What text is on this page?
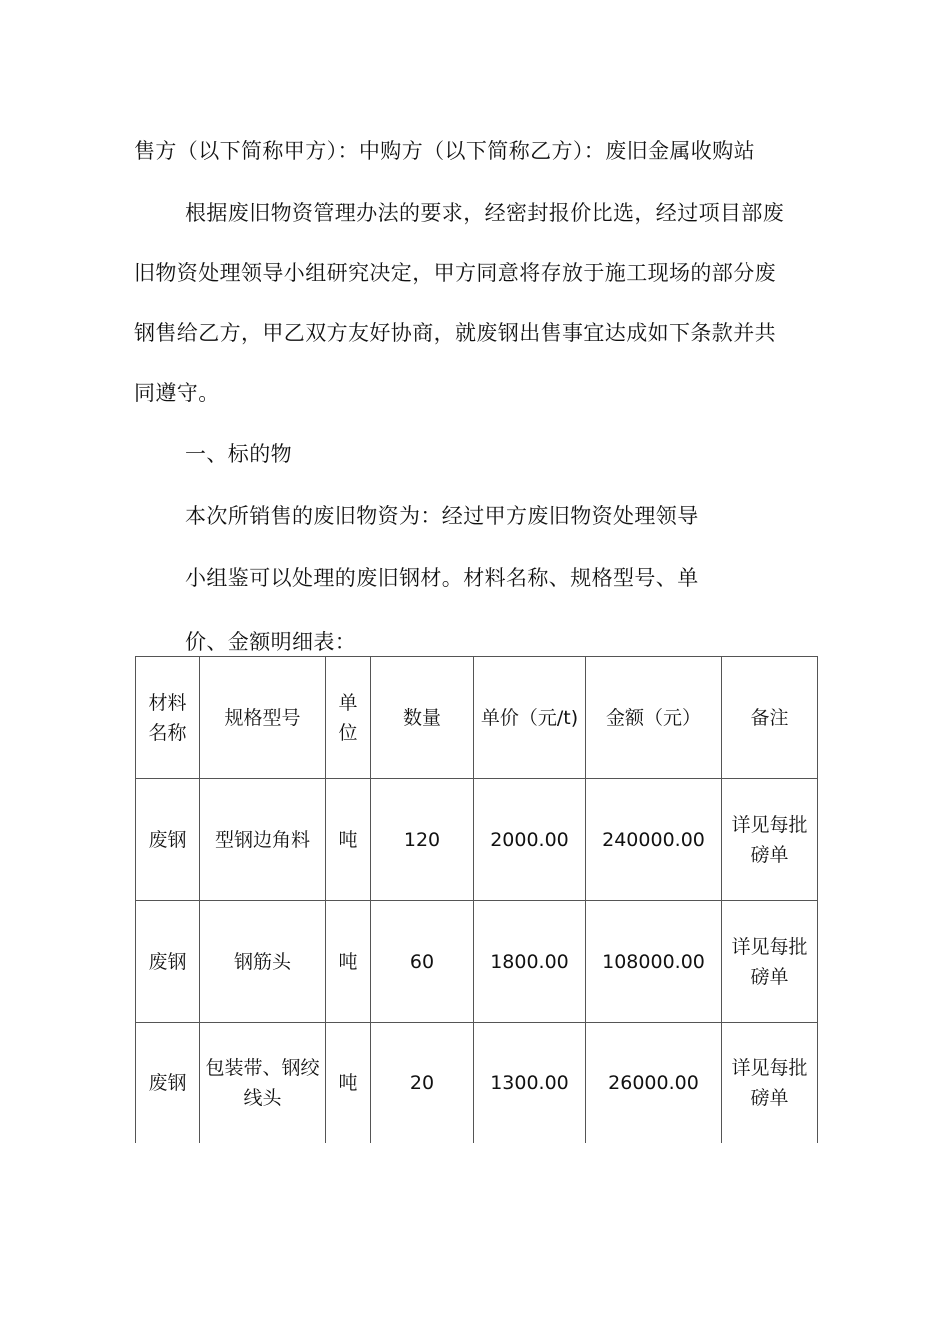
售方（以下简称甲方）：中购方（以下简称乙方）：废旧金属收购站
根据废旧物资管理办法的要求，经密封报价比选，经过项目部废
旧物资处理领导小组研究决定，甲方同意将存放于施工现场的部分废
钢售给乙方，甲乙双方友好协商，就废钢出售事宜达成如下条款并共
同遵守。
一、标的物
本次所销售的废旧物资为：经过甲方废旧物资处理领导
小组鉴可以处理的废旧钢材。材料名称、规格型号、单
价、金额明细表：
材料名称	规格型号	单位	数量	单价（元/t)	金额（元）	备注
废钢	型钢边角料	吨	120	2000.00	240000.00	详见每批磅单
废钢	钢筋头	吨	60	1800.00	108000.00	详见每批磅单
废钢	包装带、钢绞线头	吨	20	1300.00	26000.00	详见每批磅单
